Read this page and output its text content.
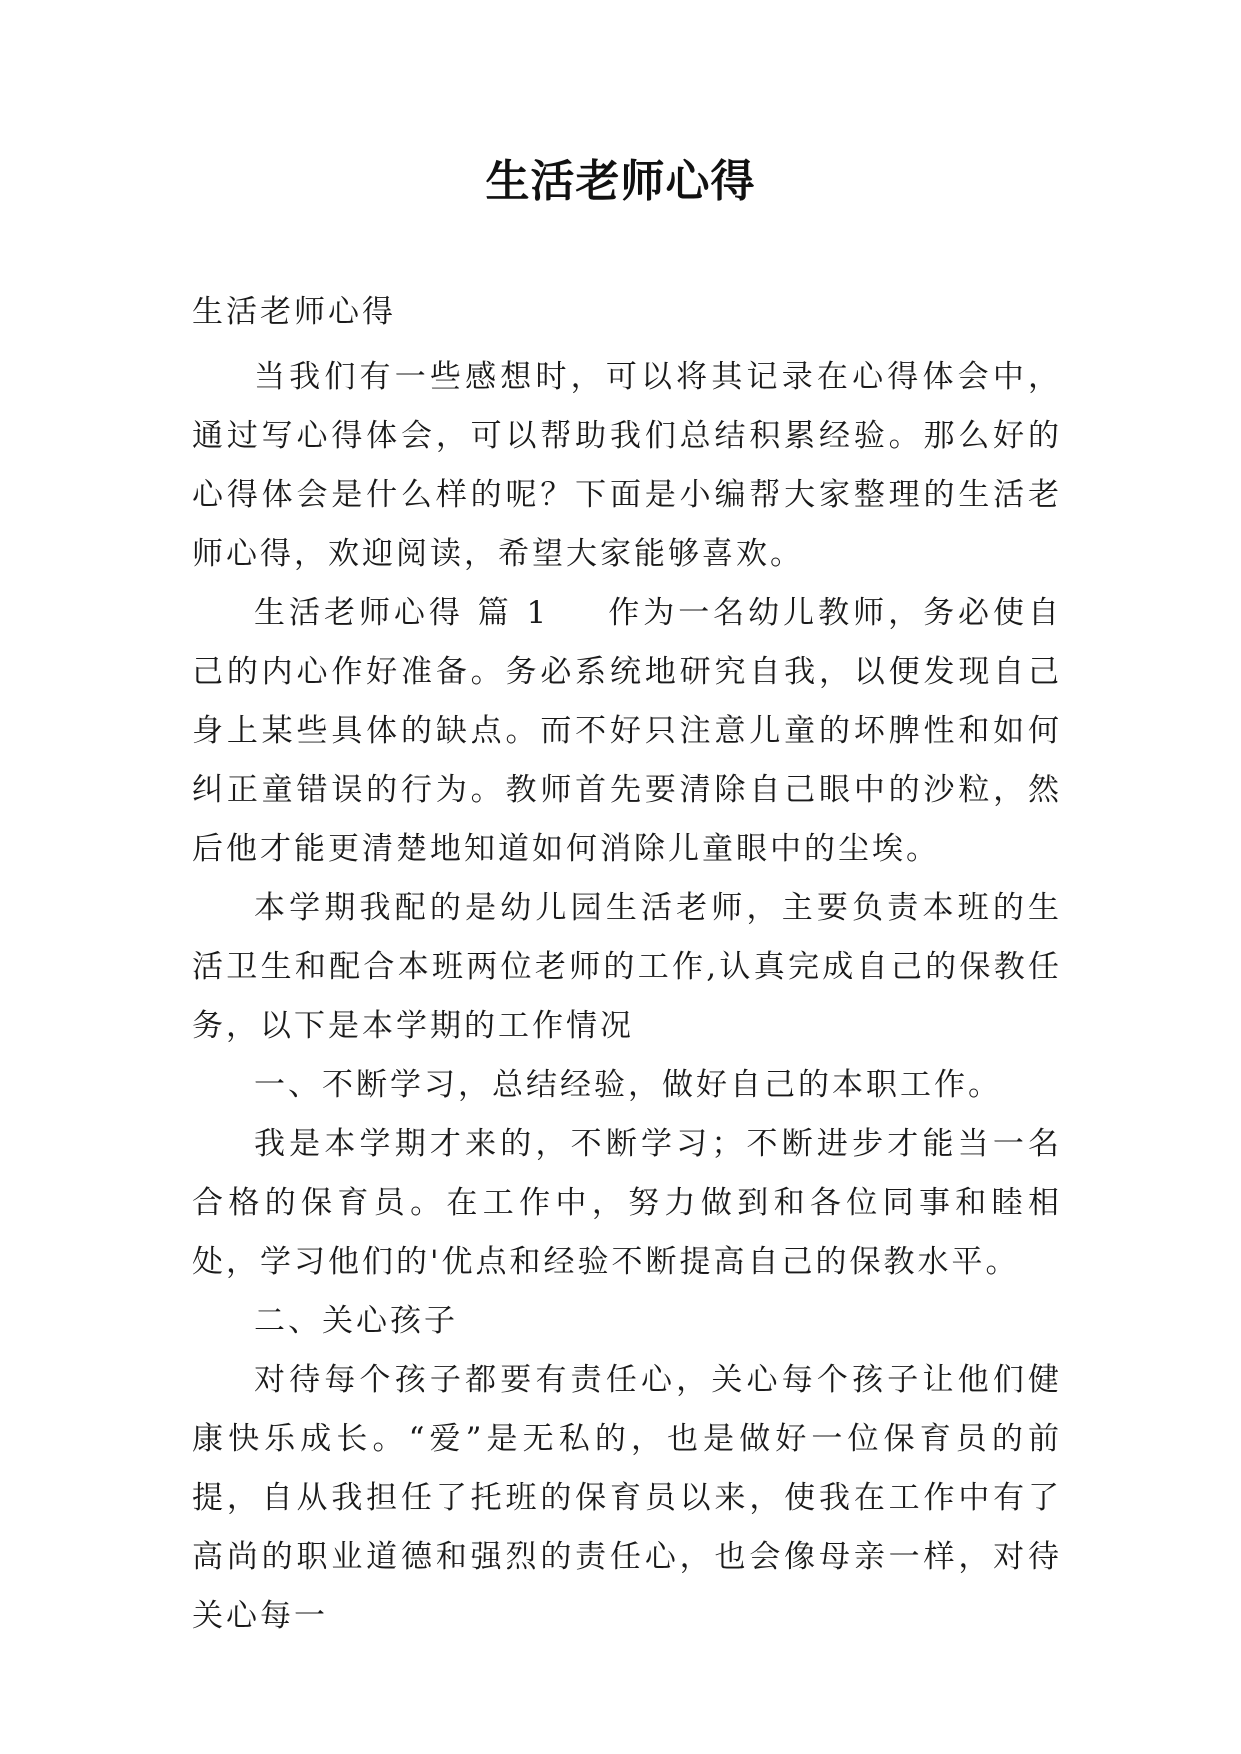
生活老师心得
生活老师心得

当我们有一些感想时，可以将其记录在心得体会中，通过写心得体会，可以帮助我们总结积累经验。那么好的心得体会是什么样的呢？下面是小编帮大家整理的生活老师心得，欢迎阅读，希望大家能够喜欢。

生活老师心得 篇 1 作为一名幼儿教师，务必使自己的内心作好准备。务必系统地研究自我，以便发现自己身上某些具体的缺点。而不好只注意儿童的坏脾性和如何纠正童错误的行为。教师首先要清除自己眼中的沙粒，然后他才能更清楚地知道如何消除儿童眼中的尘埃。

本学期我配的是幼儿园生活老师，主要负责本班的生活卫生和配合本班两位老师的工作,认真完成自己的保教任务，以下是本学期的工作情况

一、不断学习，总结经验，做好自己的本职工作。

我是本学期才来的，不断学习；不断进步才能当一名合格的保育员。在工作中，努力做到和各位同事和睦相处，学习他们的'优点和经验不断提高自己的保教水平。

二、关心孩子

对待每个孩子都要有责任心，关心每个孩子让他们健康快乐成长。“爱”是无私的，也是做好一位保育员的前提，自从我担任了托班的保育员以来，使我在工作中有了高尚的职业道德和强烈的责任心，也会像母亲一样，对待关心每一
